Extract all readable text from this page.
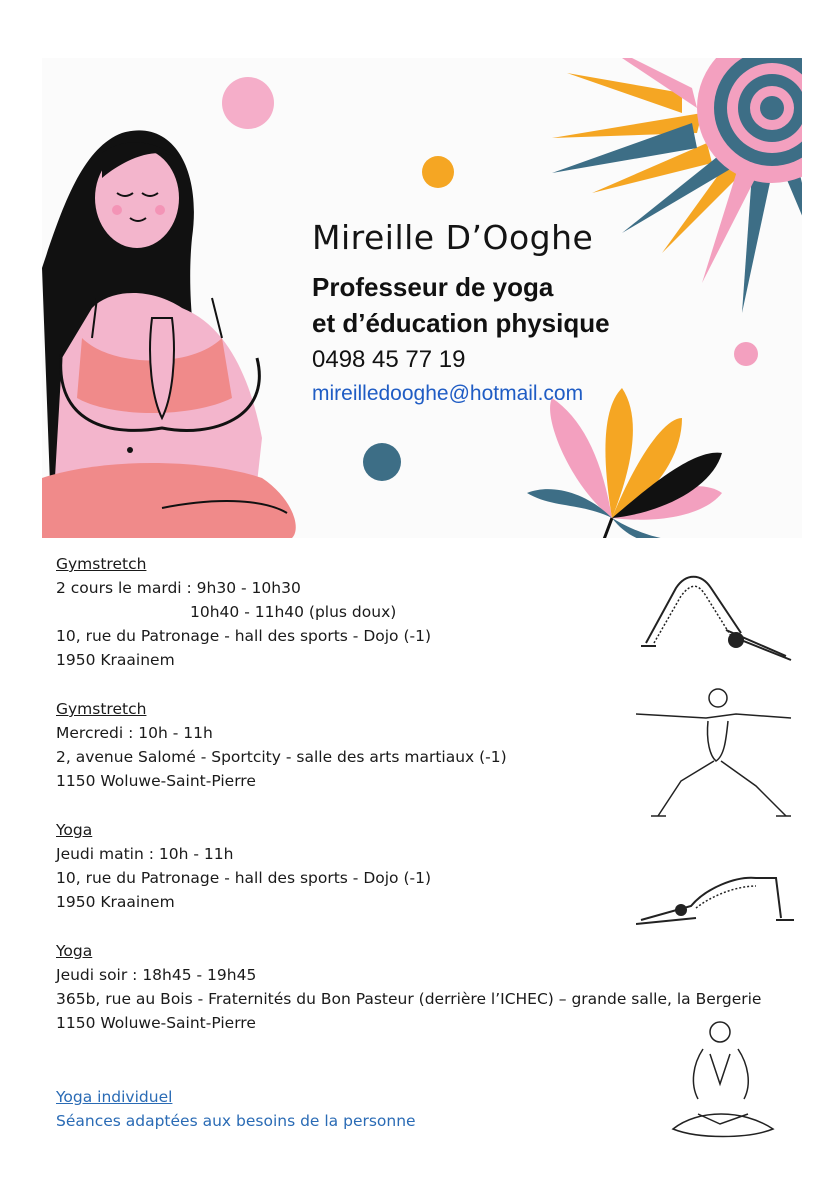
Mireille D’Ooghe
Professeur de yoga
et d’éducation physique
0498 45 77 19
mireilledooghe@hotmail.com
Gymstretch
2 cours le mardi : 9h30 - 10h30
10h40 - 11h40 (plus doux)
10, rue du Patronage - hall des sports - Dojo (-1)
1950 Kraainem
Gymstretch
Mercredi : 10h - 11h
2, avenue Salomé - Sportcity - salle des arts martiaux (-1)
1150 Woluwe-Saint-Pierre
Yoga
Jeudi matin : 10h - 11h
10, rue du Patronage - hall des sports - Dojo (-1)
1950 Kraainem
Yoga
Jeudi soir : 18h45 - 19h45
365b, rue au Bois - Fraternités du Bon Pasteur (derrière l’ICHEC) – grande salle, la Bergerie
1150 Woluwe-Saint-Pierre
Yoga individuel
Séances adaptées aux besoins de la personne
